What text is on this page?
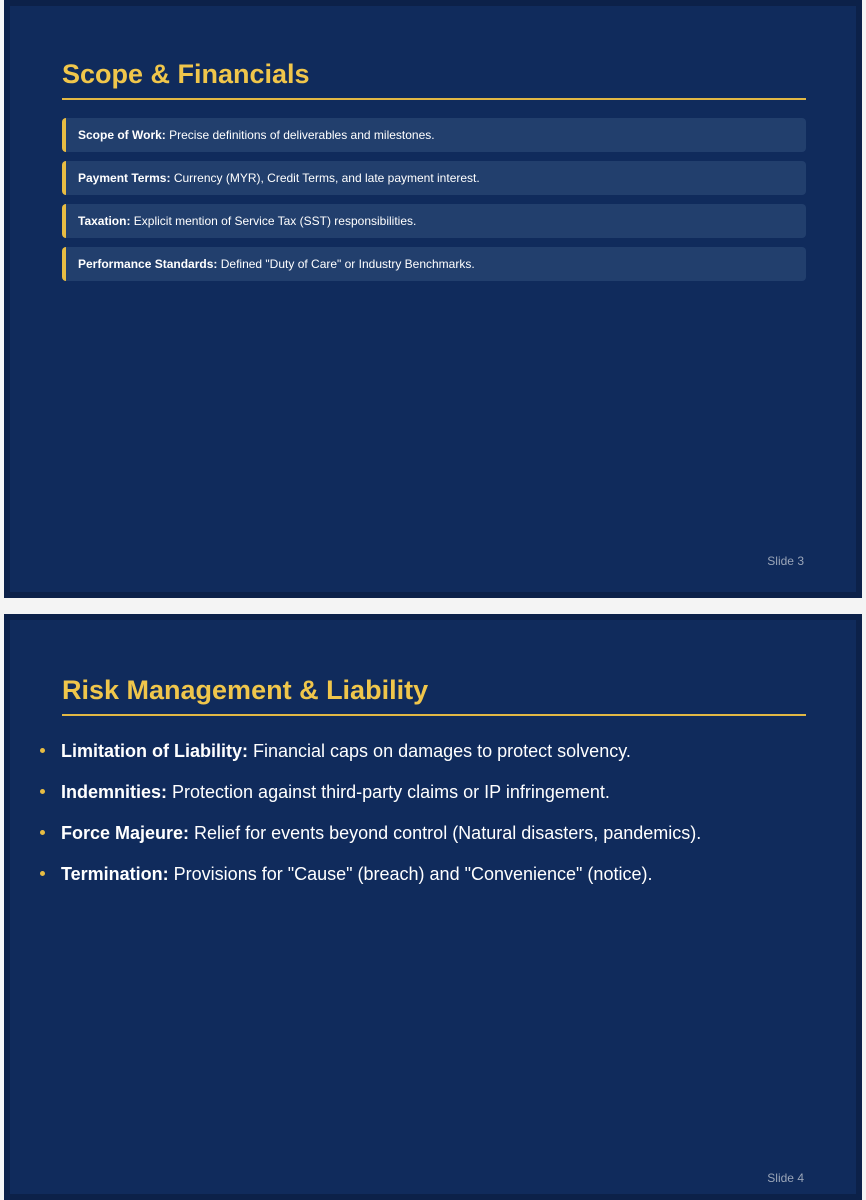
Scope & Financials
Scope of Work: Precise definitions of deliverables and milestones.
Payment Terms: Currency (MYR), Credit Terms, and late payment interest.
Taxation: Explicit mention of Service Tax (SST) responsibilities.
Performance Standards: Defined "Duty of Care" or Industry Benchmarks.
Slide 3
Risk Management & Liability
Limitation of Liability: Financial caps on damages to protect solvency.
Indemnities: Protection against third-party claims or IP infringement.
Force Majeure: Relief for events beyond control (Natural disasters, pandemics).
Termination: Provisions for "Cause" (breach) and "Convenience" (notice).
Slide 4
